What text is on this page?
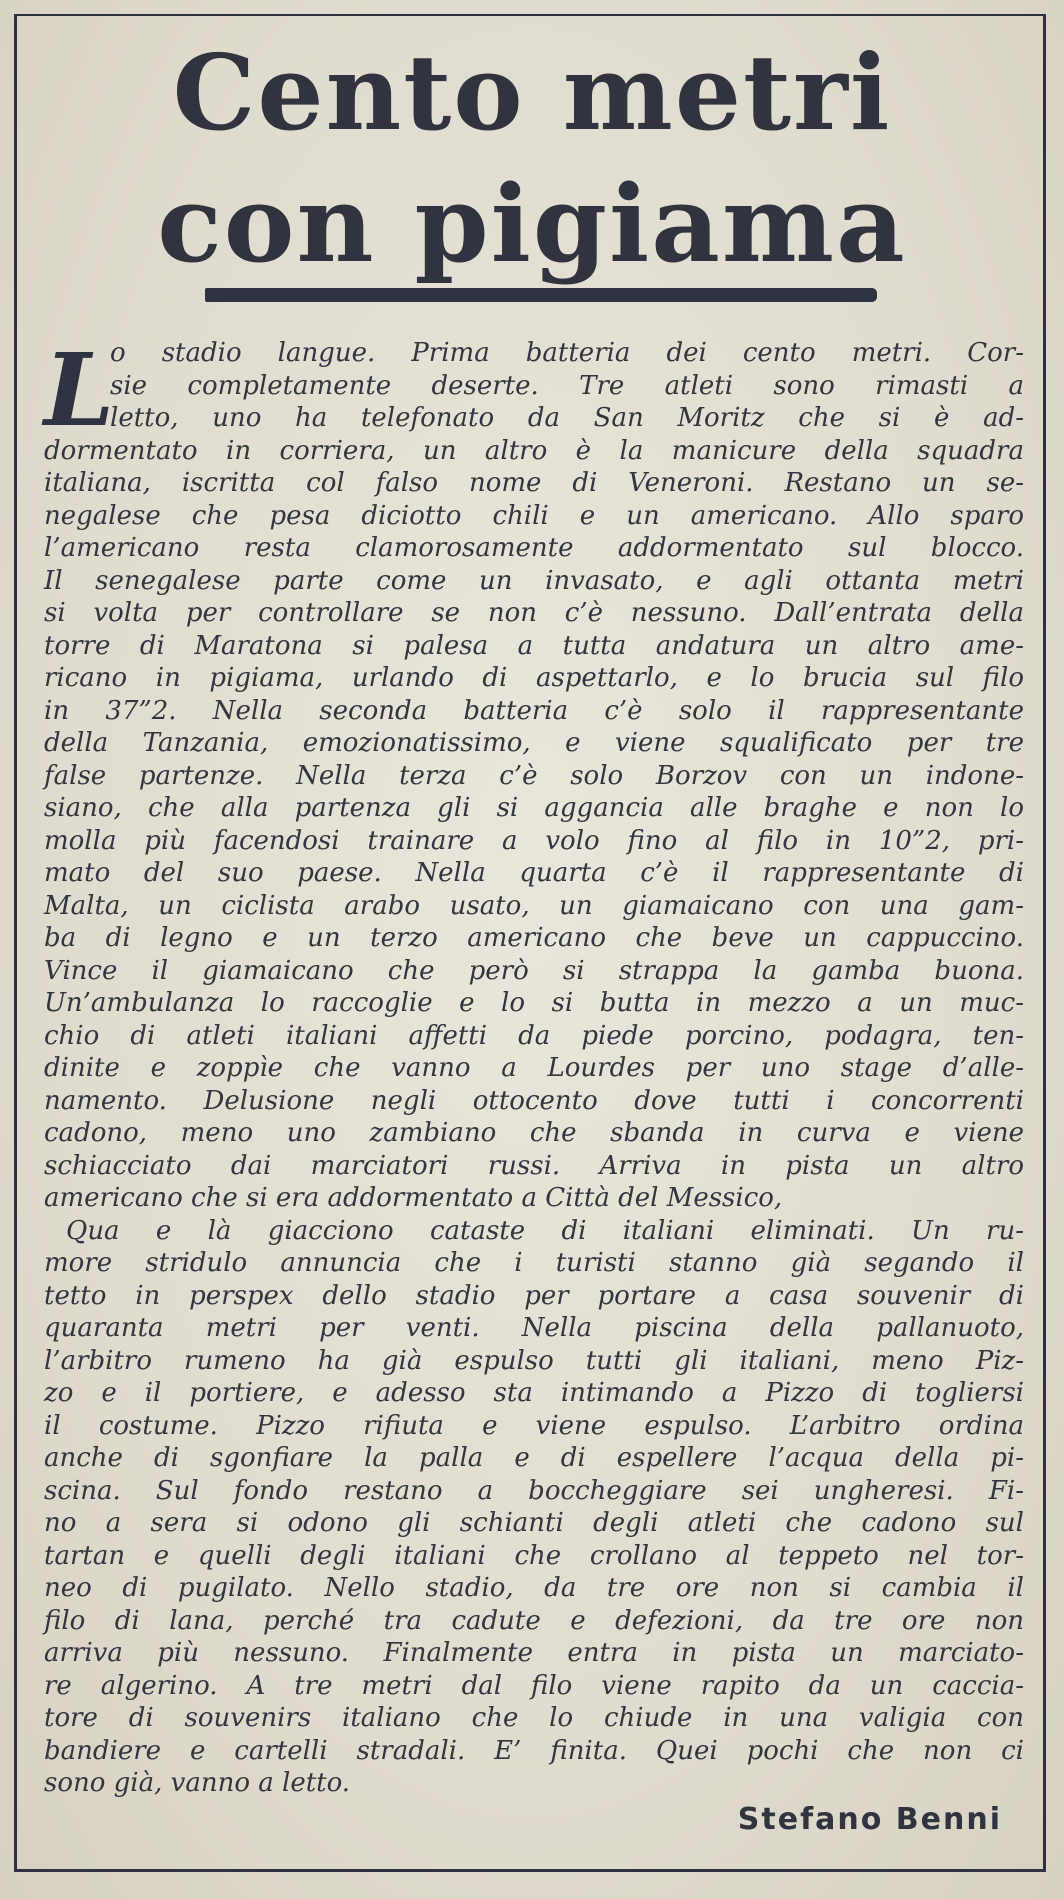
Cento metri
con pigiama
L
o stadio langue. Prima batteria dei cento metri. Cor-
sie completamente deserte. Tre atleti sono rimasti a
letto, uno ha telefonato da San Moritz che si è ad-
dormentato in corriera, un altro è la manicure della squadra
italiana, iscritta col falso nome di Veneroni. Restano un se-
negalese che pesa diciotto chili e un americano. Allo sparo
l’americano resta clamorosamente addormentato sul blocco.
Il senegalese parte come un invasato, e agli ottanta metri
si volta per controllare se non c’è nessuno. Dall’entrata della
torre di Maratona si palesa a tutta andatura un altro ame-
ricano in pigiama, urlando di aspettarlo, e lo brucia sul filo
in 37”2. Nella seconda batteria c’è solo il rappresentante
della Tanzania, emozionatissimo, e viene squalificato per tre
false partenze. Nella terza c’è solo Borzov con un indone-
siano, che alla partenza gli si aggancia alle braghe e non lo
molla più facendosi trainare a volo fino al filo in 10”2, pri-
mato del suo paese. Nella quarta c’è il rappresentante di
Malta, un ciclista arabo usato, un giamaicano con una gam-
ba di legno e un terzo americano che beve un cappuccino.
Vince il giamaicano che però si strappa la gamba buona.
Un’ambulanza lo raccoglie e lo si butta in mezzo a un muc-
chio di atleti italiani affetti da piede porcino, podagra, ten-
dinite e zoppìe che vanno a Lourdes per uno stage d’alle-
namento. Delusione negli ottocento dove tutti i concorrenti
cadono, meno uno zambiano che sbanda in curva e viene
schiacciato dai marciatori russi. Arriva in pista un altro
americano che si era addormentato a Città del Messico,
Qua e là giacciono cataste di italiani eliminati. Un ru-
more stridulo annuncia che i turisti stanno già segando il
tetto in perspex dello stadio per portare a casa souvenir di
quaranta metri per venti. Nella piscina della pallanuoto,
l’arbitro rumeno ha già espulso tutti gli italiani, meno Piz-
zo e il portiere, e adesso sta intimando a Pizzo di togliersi
il costume. Pizzo rifiuta e viene espulso. L’arbitro ordina
anche di sgonfiare la palla e di espellere l’acqua della pi-
scina. Sul fondo restano a boccheggiare sei ungheresi. Fi-
no a sera si odono gli schianti degli atleti che cadono sul
tartan e quelli degli italiani che crollano al teppeto nel tor-
neo di pugilato. Nello stadio, da tre ore non si cambia il
filo di lana, perché tra cadute e defezioni, da tre ore non
arriva più nessuno. Finalmente entra in pista un marciato-
re algerino. A tre metri dal filo viene rapito da un caccia-
tore di souvenirs italiano che lo chiude in una valigia con
bandiere e cartelli stradali. E’ finita. Quei pochi che non ci
sono già, vanno a letto.
Stefano Benni
